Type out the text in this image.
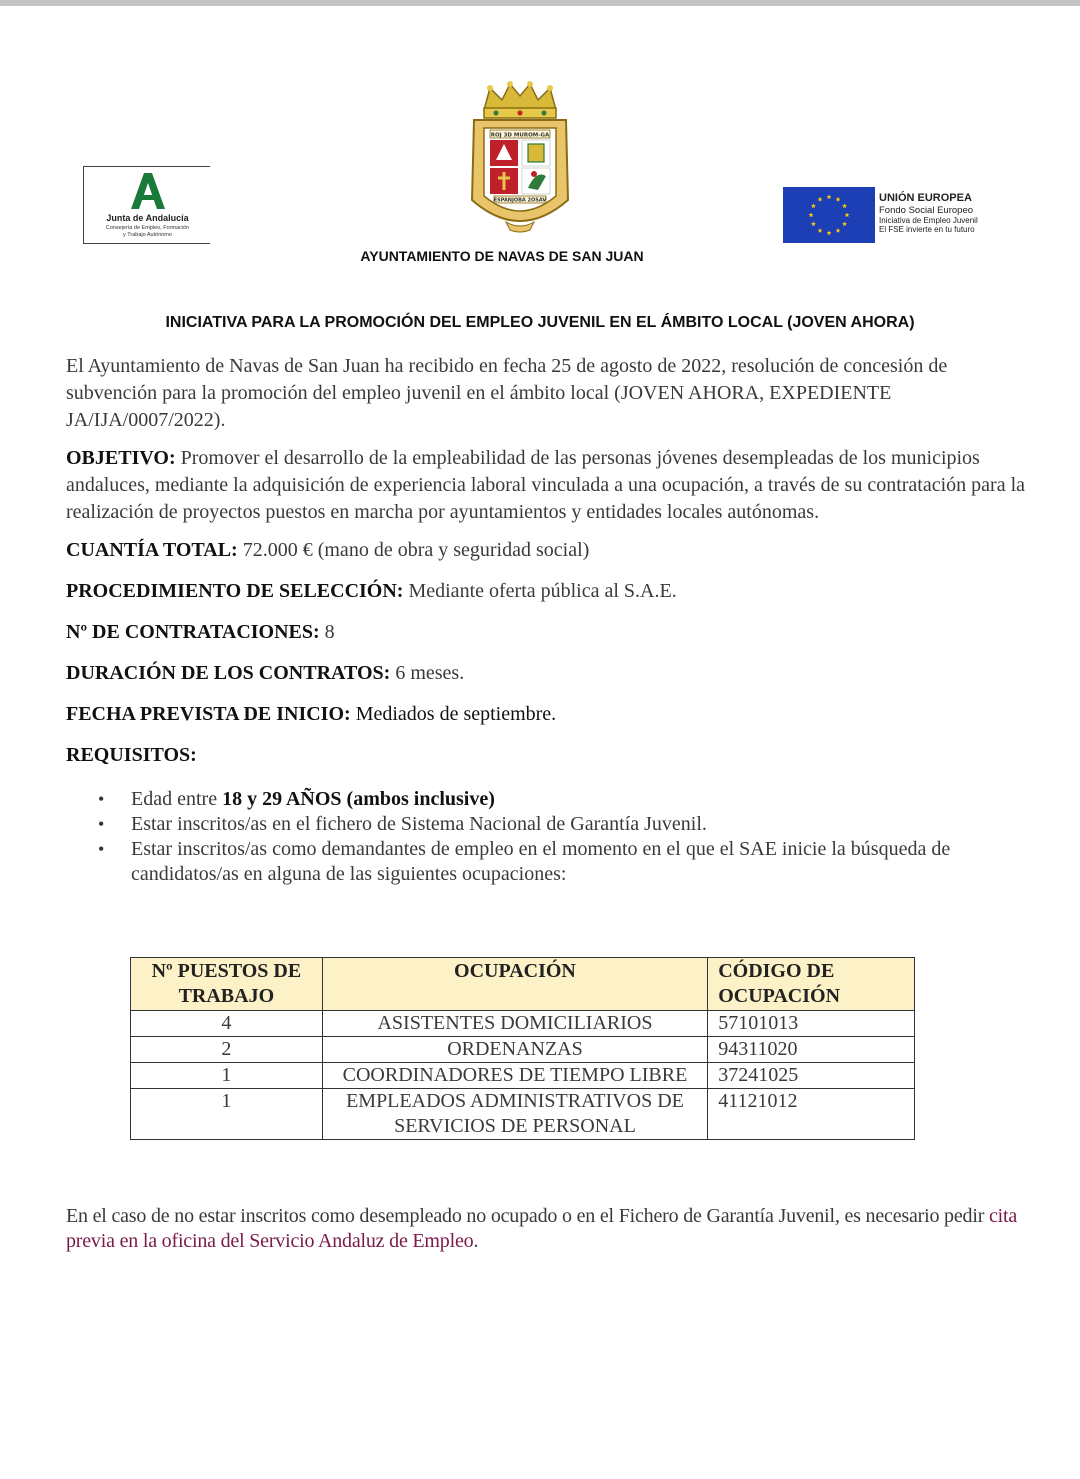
Junta de Andalucía
Consejería de Empleo, Formación
y Trabajo Autónomo
ROJ 3D MUROM-GA
ESPANJOBA 2OSAV	UNIÓN EUROPEA
Fondo Social Europeo
Iniciativa de Empleo Juvenil
El FSE invierte en tu futuro
AYUNTAMIENTO DE NAVAS DE SAN JUAN
INICIATIVA PARA LA PROMOCIÓN DEL EMPLEO JUVENIL EN EL ÁMBITO LOCAL (JOVEN AHORA)

El Ayuntamiento de Navas de San Juan ha recibido en fecha 25 de agosto de 2022, resolución de concesión de subvención para la promoción del empleo juvenil en el ámbito local (JOVEN AHORA, EXPEDIENTE JA/IJA/0007/2022).

OBJETIVO: Promover el desarrollo de la empleabilidad de las personas jóvenes desempleadas de los municipios andaluces, mediante la adquisición de experiencia laboral vinculada a una ocupación, a través de su contratación para la realización de proyectos puestos en marcha por ayuntamientos y entidades locales autónomas.

CUANTÍA TOTAL: 72.000 € (mano de obra y seguridad social)

PROCEDIMIENTO DE SELECCIÓN: Mediante oferta pública al S.A.E.

Nº DE CONTRATACIONES: 8

DURACIÓN DE LOS CONTRATOS: 6 meses.

FECHA PREVISTA DE INICIO: Mediados de septiembre.

REQUISITOS:

• Edad entre 18 y 29 AÑOS (ambos inclusive)
• Estar inscritos/as en el fichero de Sistema Nacional de Garantía Juvenil.
• Estar inscritos/as como demandantes de empleo en el momento en el que el SAE inicie la búsqueda de candidatos/as en alguna de las siguientes ocupaciones:
Nº PUESTOS DE TRABAJO	OCUPACIÓN	CÓDIGO DE OCUPACIÓN
4	ASISTENTES DOMICILIARIOS	57101013
2	ORDENANZAS	94311020
1	COORDINADORES DE TIEMPO LIBRE	37241025
1	EMPLEADOS ADMINISTRATIVOS DE SERVICIOS DE PERSONAL	41121012
En el caso de no estar inscritos como desempleado no ocupado o en el Fichero de Garantía Juvenil, es necesario pedir cita previa en la oficina del Servicio Andaluz de Empleo.
